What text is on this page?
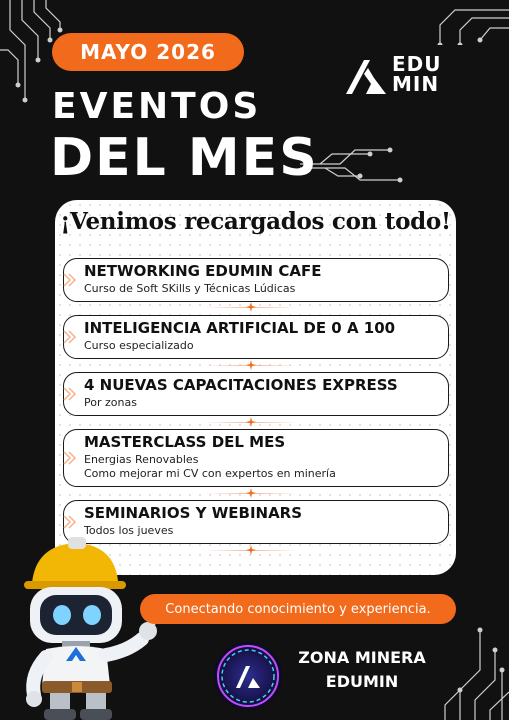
MAYO 2026	EDU
MIN
EVENTOS
DEL MES
¡Venimos recargados con todo!
NETWORKING EDUMIN CAFE
Curso de Soft SKills y Técnicas Lúdicas
INTELIGENCIA ARTIFICIAL DE 0 A 100
Curso especializado
4 NUEVAS CAPACITACIONES EXPRESS
Por zonas
MASTERCLASS DEL MES
Energias Renovables
Como mejorar mi CV con expertos en minería
SEMINARIOS Y WEBINARS
Todos los jueves
Conectando conocimiento y experiencia.
ZONA MINERA
EDUMIN
